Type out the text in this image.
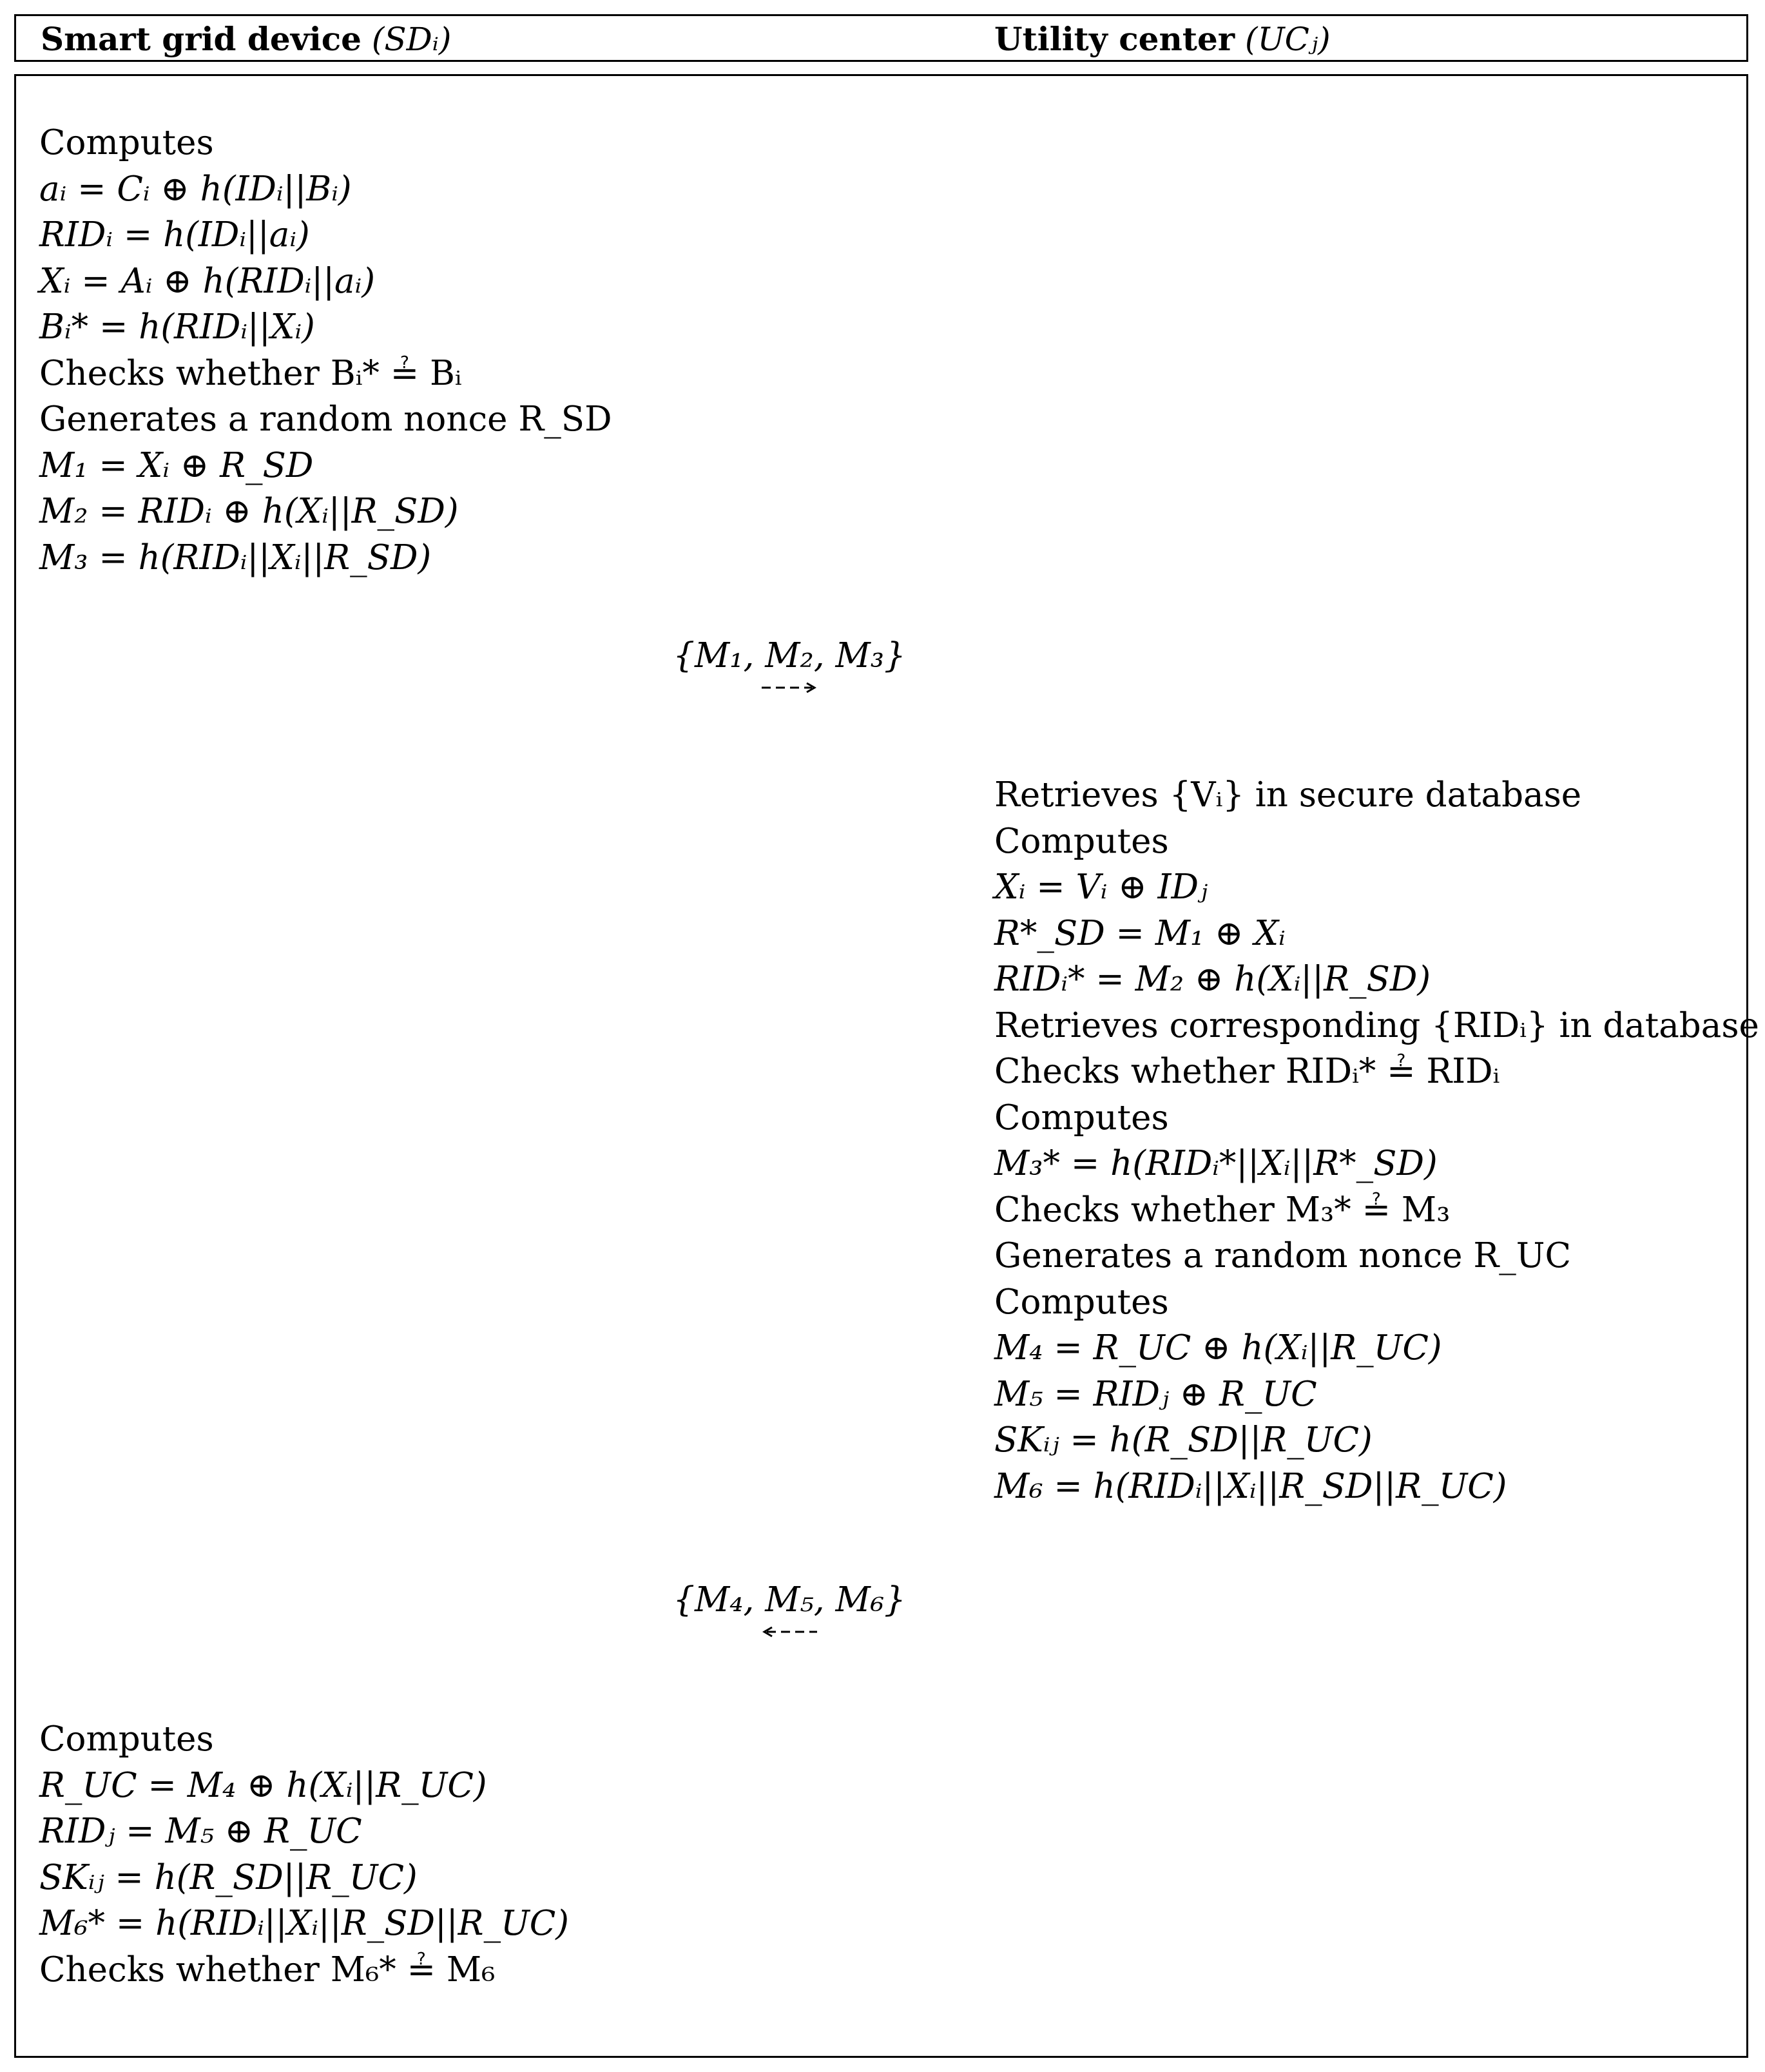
Smart grid device (SDᵢ)	Utility center (UCⱼ)
Computes
aᵢ = Cᵢ ⊕ h(IDᵢ||Bᵢ)
RIDᵢ = h(IDᵢ||aᵢ)
Xᵢ = Aᵢ ⊕ h(RIDᵢ||aᵢ)
Bᵢ* = h(RIDᵢ||Xᵢ)
Checks whether Bᵢ* ≟ Bᵢ
Generates a random nonce R_SD
M₁ = Xᵢ ⊕ R_SD
M₂ = RIDᵢ ⊕ h(Xᵢ||R_SD)
M₃ = h(RIDᵢ||Xᵢ||R_SD)
{M₁, M₂, M₃}
Retrieves {Vᵢ} in secure database
Computes
Xᵢ = Vᵢ ⊕ IDⱼ
R*_SD = M₁ ⊕ Xᵢ
RIDᵢ* = M₂ ⊕ h(Xᵢ||R_SD)
Retrieves corresponding {RIDᵢ} in database
Checks whether RIDᵢ* ≟ RIDᵢ
Computes
M₃* = h(RIDᵢ*||Xᵢ||R*_SD)
Checks whether M₃* ≟ M₃
Generates a random nonce R_UC
Computes
M₄ = R_UC ⊕ h(Xᵢ||R_UC)
M₅ = RIDⱼ ⊕ R_UC
SKᵢⱼ = h(R_SD||R_UC)
M₆ = h(RIDᵢ||Xᵢ||R_SD||R_UC)
{M₄, M₅, M₆}
Computes
R_UC = M₄ ⊕ h(Xᵢ||R_UC)
RIDⱼ = M₅ ⊕ R_UC
SKᵢⱼ = h(R_SD||R_UC)
M₆* = h(RIDᵢ||Xᵢ||R_SD||R_UC)
Checks whether M₆* ≟ M₆
